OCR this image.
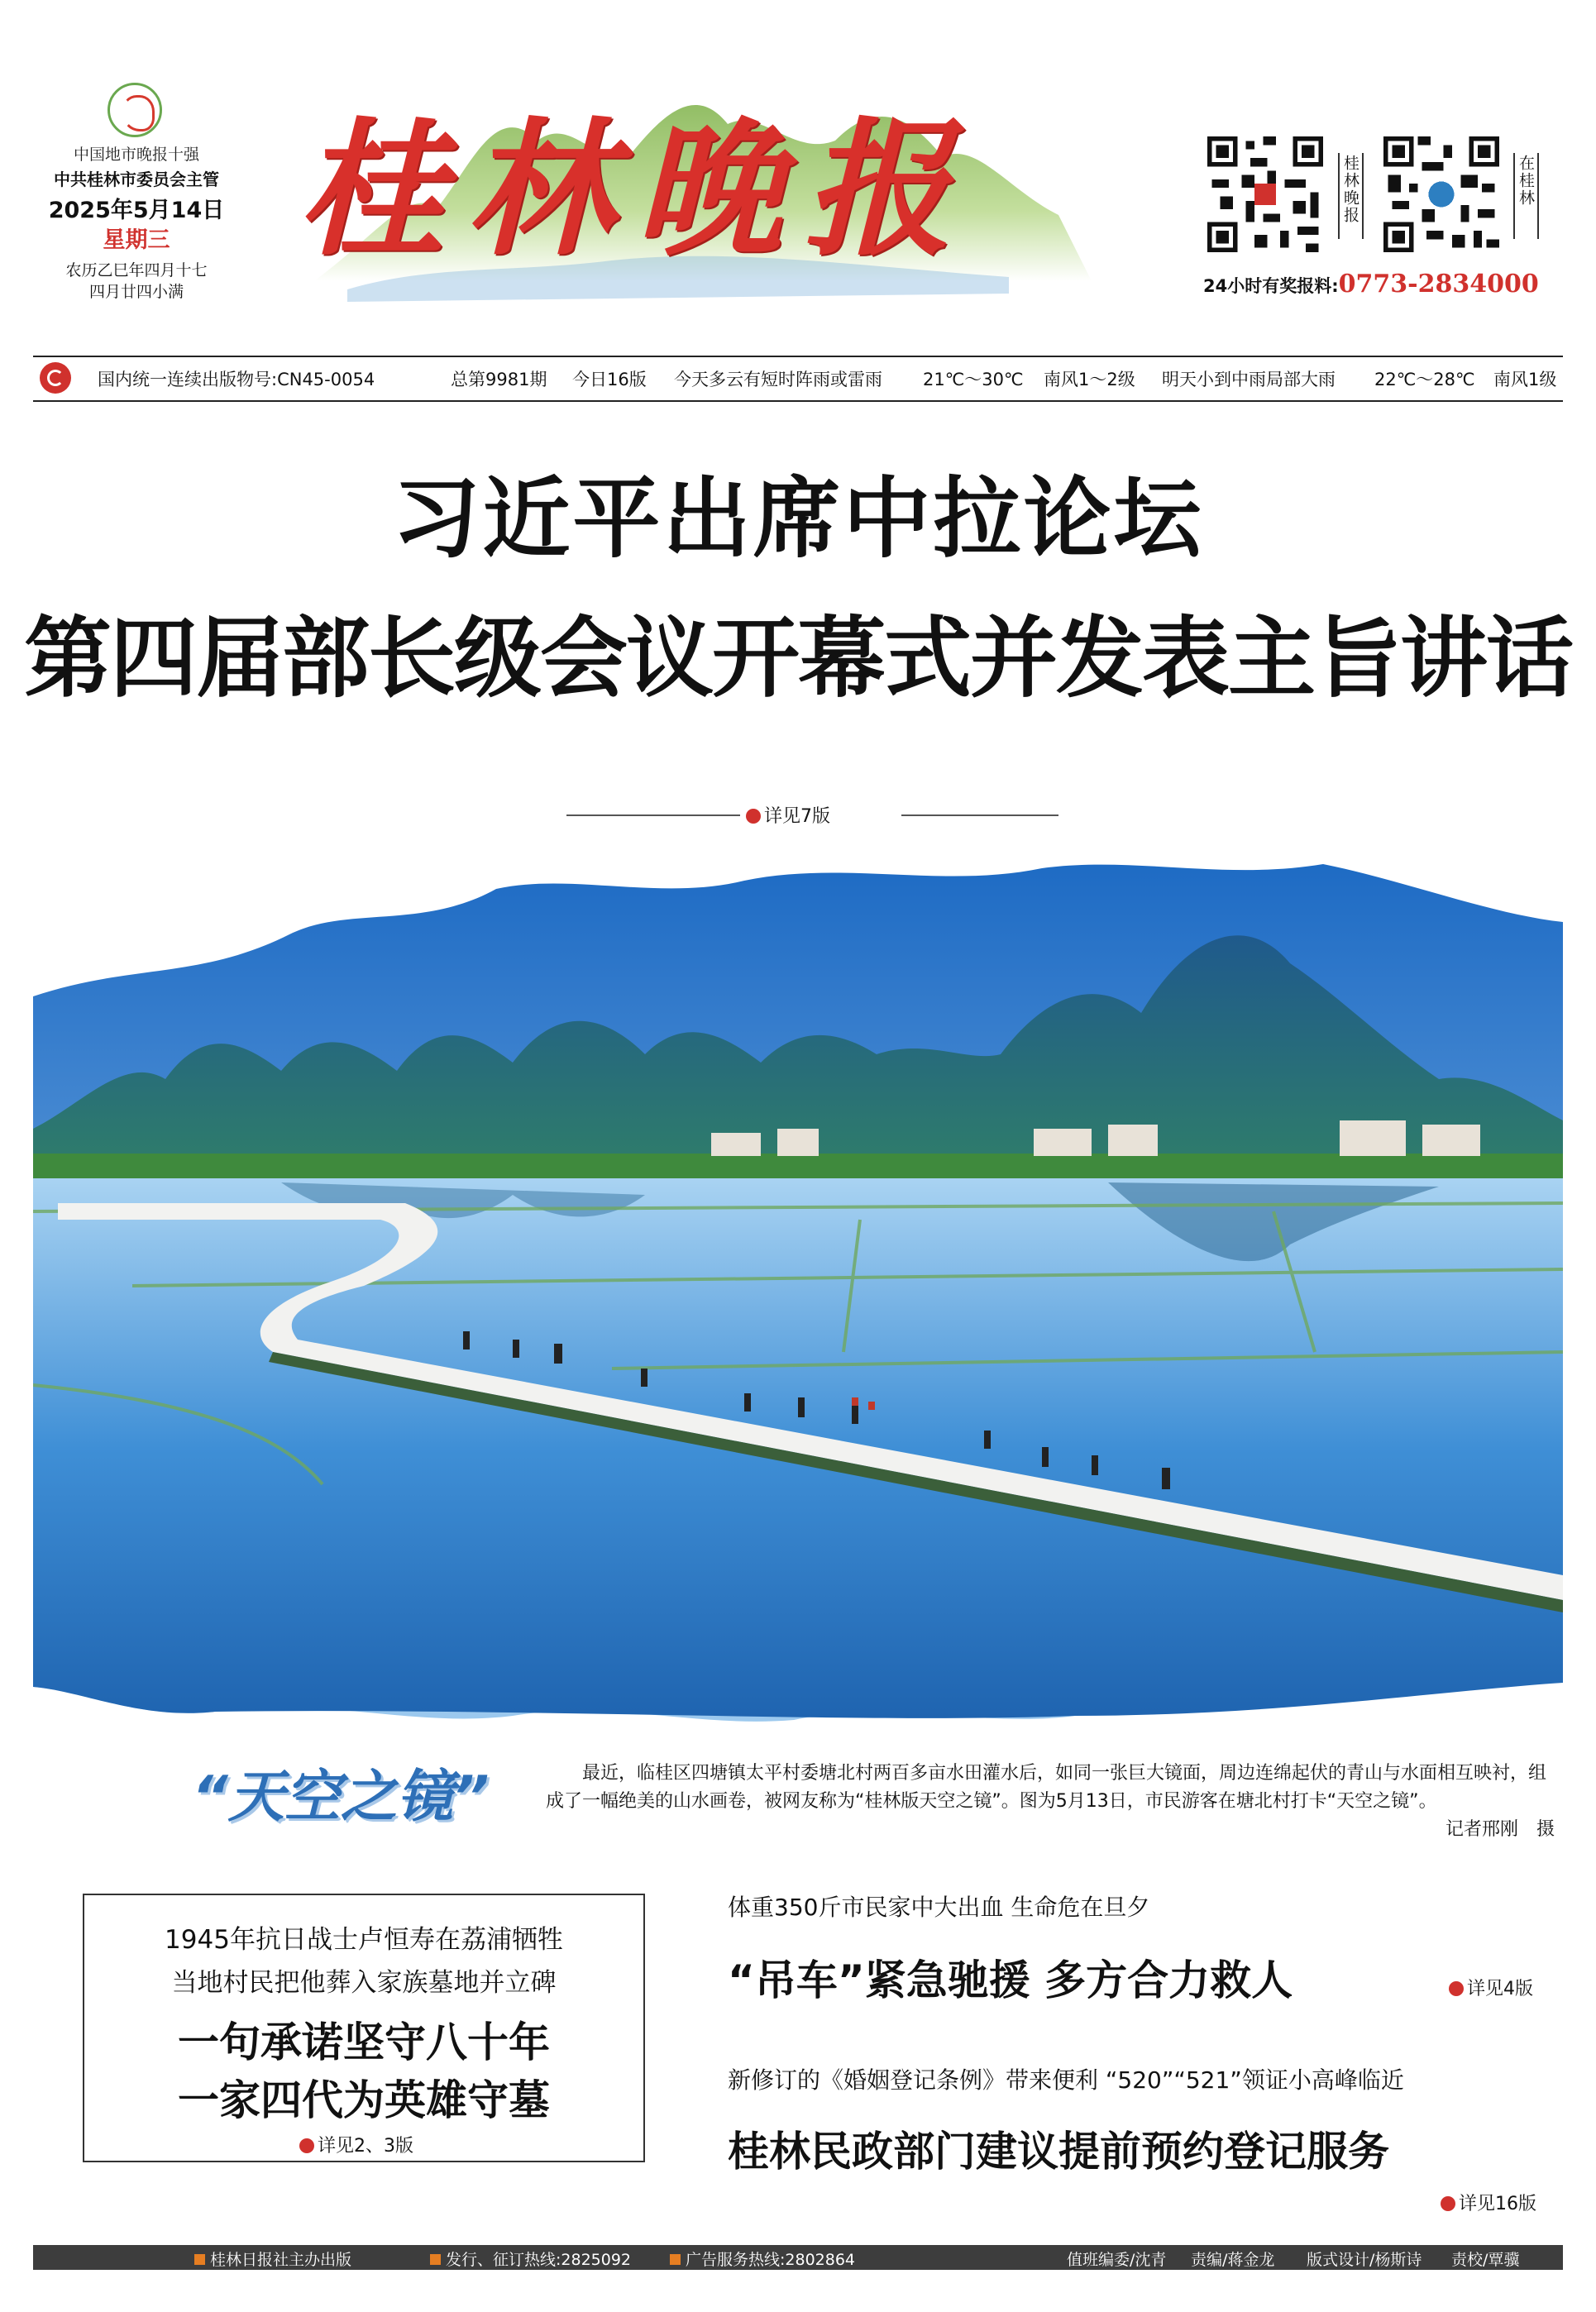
中国地市晚报十强
中共桂林市委员会主管
2025年5月14日
星期三
农历乙巳年四月十七
四月廿四小满
桂林晚报	桂林晚报	在桂林
24小时有奖报料:0773-2834000
国内统一连续出版物号:CN45-0054	总第9981期 今日16版 今天多云有短时阵雨或雷雨 21℃～30℃ 南风1～2级 明天小到中雨局部大雨 22℃～28℃ 南风1级
习近平出席中拉论坛
第四届部长级会议开幕式并发表主旨讲话
详见7版
“天空之镜”	最近，临桂区四塘镇太平村委塘北村两百多亩水田灌水后，如同一张巨大镜面，周边连绵起伏的青山与水面相互映衬，组成了一幅绝美的山水画卷，被网友称为“桂林版天空之镜”。图为5月13日，市民游客在塘北村打卡“天空之镜”。
记者邢刚　摄
1945年抗日战士卢恒寿在荔浦牺牲
当地村民把他葬入家族墓地并立碑
一句承诺坚守八十年
一家四代为英雄守墓
详见2、3版
体重350斤市民家中大出血 生命危在旦夕
“吊车”紧急驰援 多方合力救人	详见4版
新修订的《婚姻登记条例》带来便利 “520”“521”领证小高峰临近
桂林民政部门建议提前预约登记服务
详见16版
桂林日报社主办出版	发行、征订热线:2825092	广告服务热线:2802864	值班编委/沈青 责编/蒋金龙 版式设计/杨斯诗 责校/覃骥
